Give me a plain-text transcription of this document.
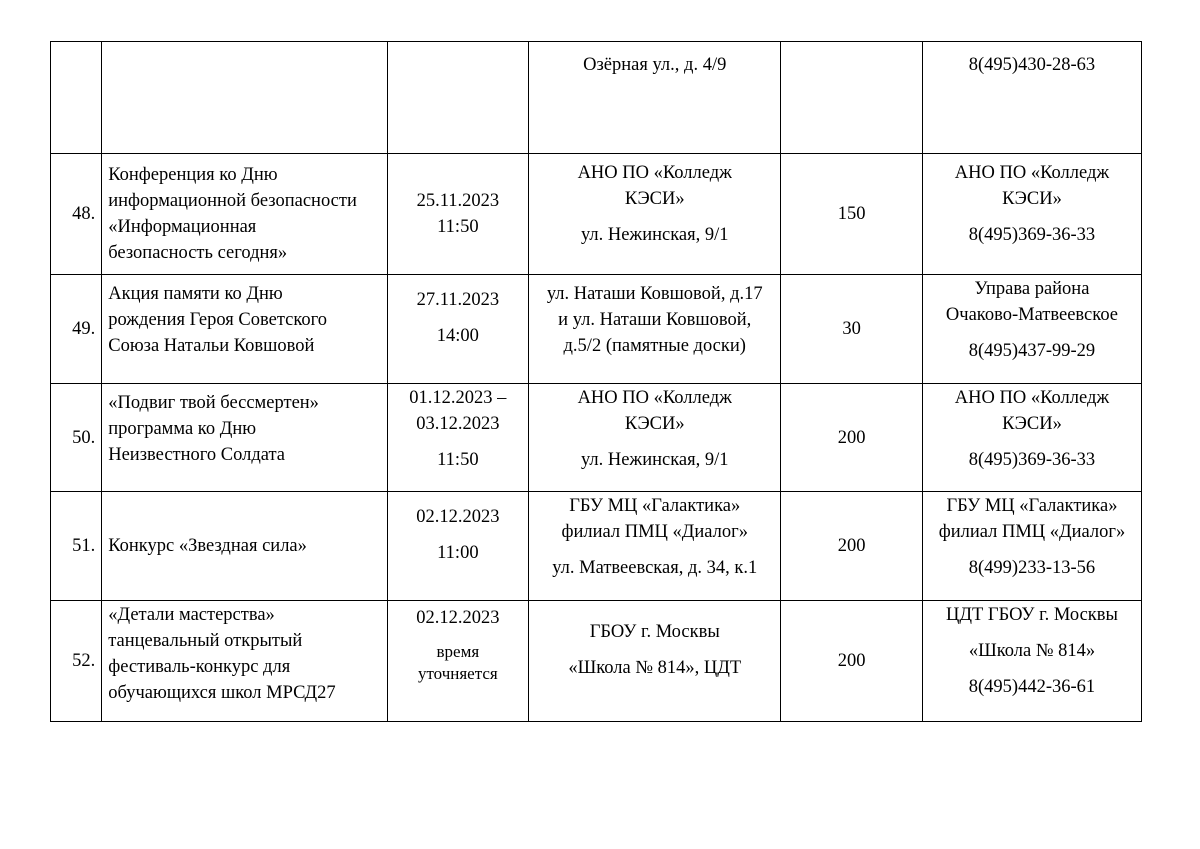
			Озёрная ул., д. 4/9		8(495)430-28-63

48.	Конференция ко Дню
информационной безопасности
«Информационная
безопасность сегодня»	25.11.2023
11:50	АНО ПО «Колледж
КЭСИ»
ул. Нежинская, 9/1	150	АНО ПО «Колледж
КЭСИ»
8(495)369-36-33

49.	Акция памяти ко Дню
рождения Героя Советского
Союза Натальи Ковшовой	27.11.2023
14:00	ул. Наташи Ковшовой, д.17
и ул. Наташи Ковшовой,
д.5/2 (памятные доски)	30	Управа района
Очаково-Матвеевское
8(495)437-99-29

50.	«Подвиг твой бессмертен»
программа ко Дню
Неизвестного Солдата	01.12.2023 –
03.12.2023
11:50	АНО ПО «Колледж
КЭСИ»
ул. Нежинская, 9/1	200	АНО ПО «Колледж
КЭСИ»
8(495)369-36-33

51.	Конкурс «Звездная сила»	02.12.2023
11:00	ГБУ МЦ «Галактика»
филиал ПМЦ «Диалог»
ул. Матвеевская, д. 34, к.1	200	ГБУ МЦ «Галактика»
филиал ПМЦ «Диалог»
8(499)233-13-56

52.	«Детали мастерства»
танцевальный открытый
фестиваль-конкурс для
обучающихся школ МРСД27	02.12.2023
время
уточняется	ГБОУ г. Москвы
«Школа № 814», ЦДТ	200	ЦДТ ГБОУ г. Москвы
«Школа № 814»
8(495)442-36-61
